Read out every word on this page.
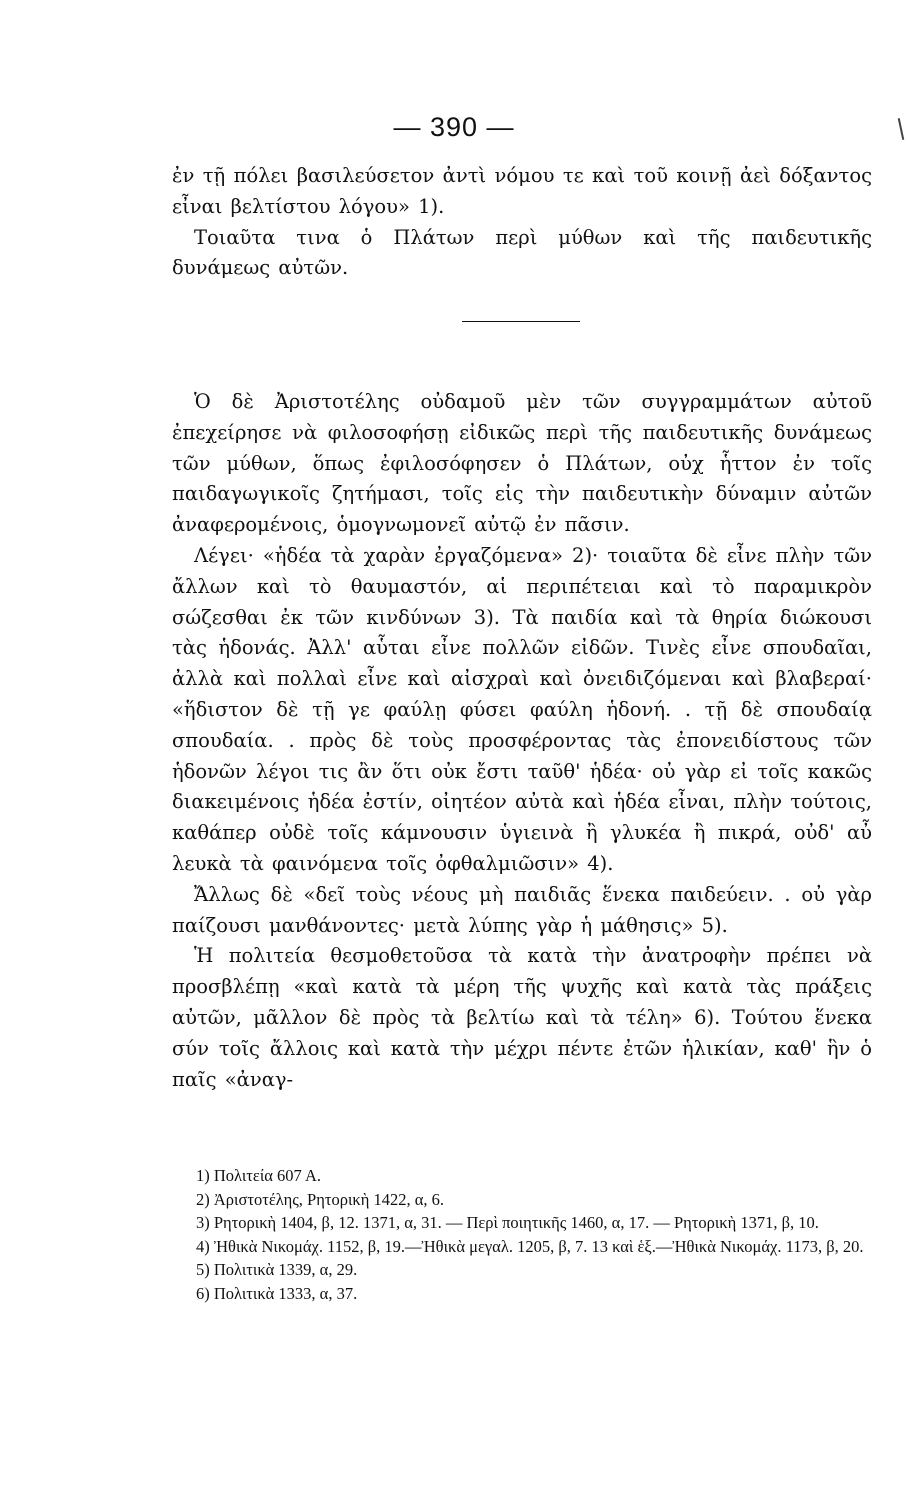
— 390 —

ἐν τῇ πόλει βασιλεύσετον ἀντὶ νόμου τε καὶ τοῦ κοινῇ ἀεὶ δόξαντος εἶναι βελτίστου λόγου» 1).

Τοιαῦτα τινα ὁ Πλάτων περὶ μύθων καὶ τῆς παιδευτικῆς δυνάμεως αὐτῶν.

Ὁ δὲ Ἀριστοτέλης οὐδαμοῦ μὲν τῶν συγγραμμάτων αὐτοῦ ἐπεχείρησε νὰ φιλοσοφήσῃ εἰδικῶς περὶ τῆς παιδευτικῆς δυνάμεως τῶν μύθων, ὅπως ἐφιλοσόφησεν ὁ Πλάτων, οὐχ ἧττον ἐν τοῖς παιδαγωγικοῖς ζητήμασι, τοῖς εἰς τὴν παιδευτικὴν δύναμιν αὐτῶν ἀναφερομένοις, ὁμογνωμονεῖ αὐτῷ ἐν πᾶσιν.

Λέγει· «ἡδέα τὰ χαρὰν ἐργαζόμενα» 2)· τοιαῦτα δὲ εἶνε πλὴν τῶν ἄλλων καὶ τὸ θαυμαστόν, αἱ περιπέτειαι καὶ τὸ παραμικρὸν σώζεσθαι ἐκ τῶν κινδύνων 3). Τὰ παιδία καὶ τὰ θηρία διώκουσι τὰς ἡδονάς. Ἀλλ' αὗται εἶνε πολλῶν εἰδῶν. Τινὲς εἶνε σπουδαῖαι, ἀλλὰ καὶ πολλαὶ εἶνε καὶ αἰσχραὶ καὶ ὀνειδιζόμεναι καὶ βλαβεραί· «ἥδιστον δὲ τῇ γε φαύλῃ φύσει φαύλη ἡδονή. . τῇ δὲ σπουδαίᾳ σπουδαία. . πρὸς δὲ τοὺς προσφέροντας τὰς ἐπονειδίστους τῶν ἡδονῶν λέγοι τις ἂν ὅτι οὐκ ἔστι ταῦθ' ἡδέα· οὐ γὰρ εἰ τοῖς κακῶς διακειμένοις ἡδέα ἐστίν, οἰητέον αὐτὰ καὶ ἡδέα εἶναι, πλὴν τούτοις, καθάπερ οὐδὲ τοῖς κάμνουσιν ὑγιεινὰ ἢ γλυκέα ἢ πικρά, οὐδ' αὖ λευκὰ τὰ φαινόμενα τοῖς ὀφθαλμιῶσιν» 4).

Ἄλλως δὲ «δεῖ τοὺς νέους μὴ παιδιᾶς ἕνεκα παιδεύειν. . οὐ γὰρ παίζουσι μανθάνοντες· μετὰ λύπης γὰρ ἡ μάθησις» 5).

Ἡ πολιτεία θεσμοθετοῦσα τὰ κατὰ τὴν ἀνατροφὴν πρέπει νὰ προσβλέπῃ «καὶ κατὰ τὰ μέρη τῆς ψυχῆς καὶ κατὰ τὰς πράξεις αὐτῶν, μᾶλλον δὲ πρὸς τὰ βελτίω καὶ τὰ τέλη» 6). Τούτου ἕνεκα σύν τοῖς ἄλλοις καὶ κατὰ τὴν μέχρι πέντε ἐτῶν ἡλικίαν, καθ' ἣν ὁ παῖς «ἀναγ-

1) Πολιτεία 607 Α.

2) Ἀριστοτέλης, Ρητορικὴ 1422, α, 6.

3) Ρητορικὴ 1404, β, 12. 1371, α, 31. — Περὶ ποιητικῆς 1460, α, 17. — Ρητορικὴ 1371, β, 10.

4) Ἠθικὰ Νικομάχ. 1152, β, 19.—Ἠθικὰ μεγαλ. 1205, β, 7. 13 καὶ ἑξ.—Ἠθικὰ Νικομάχ. 1173, β, 20.

5) Πολιτικὰ 1339, α, 29.

6) Πολιτικὰ 1333, α, 37.
